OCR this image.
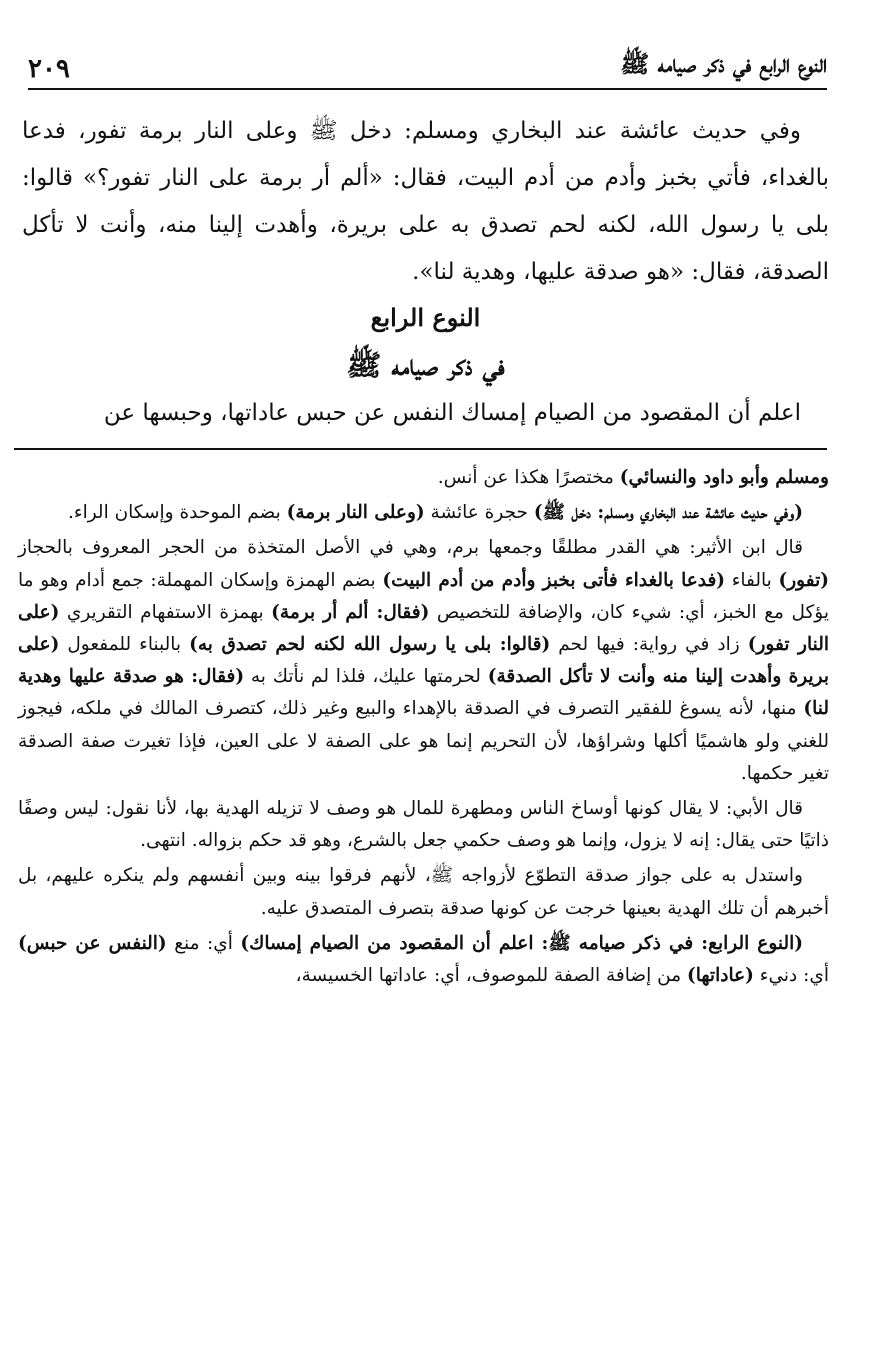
النوع الرابع في ذكر صيامه ﷺ
٢٠٩

وفي حديث عائشة عند البخاري ومسلم: دخل ﷺ وعلى النار برمة تفور، فدعا بالغداء، فأتي بخبز وأدم من أدم البيت، فقال: «ألم أر برمة على النار تفور؟» قالوا: بلى يا رسول الله، لكنه لحم تصدق به على بريرة، وأهدت إلينا منه، وأنت لا تأكل الصدقة، فقال: «هو صدقة عليها، وهدية لنا».

النوع الرابع
في ذكر صيامه ﷺ

اعلم أن المقصود من الصيام إمساك النفس عن حبس عاداتها، وحبسها عن

ومسلم وأبو داود والنسائي) مختصرًا هكذا عن أنس.

(وفي حديث عائشة عند البخاري ومسلم: دخل ﷺ) حجرة عائشة (وعلى النار برمة) بضم الموحدة وإسكان الراء.

قال ابن الأثير: هي القدر مطلقًا وجمعها برم، وهي في الأصل المتخذة من الحجر المعروف بالحجاز (تفور) بالفاء (فدعا بالغداء فأتى بخبز وأدم من أدم البيت) بضم الهمزة وإسكان المهملة: جمع أدام وهو ما يؤكل مع الخبز، أي: شيء كان، والإضافة للتخصيص (فقال: ألم أر برمة) بهمزة الاستفهام التقريري (على النار تفور) زاد في رواية: فيها لحم (قالوا: بلى يا رسول الله لكنه لحم تصدق به) بالبناء للمفعول (على بريرة وأهدت إلينا منه وأنت لا تأكل الصدقة) لحرمتها عليك، فلذا لم نأتك به (فقال: هو صدقة عليها وهدية لنا) منها، لأنه يسوغ للفقير التصرف في الصدقة بالإهداء والبيع وغير ذلك، كتصرف المالك في ملكه، فيجوز للغني ولو هاشميًا أكلها وشراؤها، لأن التحريم إنما هو على الصفة لا على العين، فإذا تغيرت صفة الصدقة تغير حكمها.

قال الأبي: لا يقال كونها أوساخ الناس ومطهرة للمال هو وصف لا تزيله الهدية بها، لأنا نقول: ليس وصفًا ذاتيًا حتى يقال: إنه لا يزول، وإنما هو وصف حكمي جعل بالشرع، وهو قد حكم بزواله. انتهى.

واستدل به على جواز صدقة التطوّع لأزواجه ﷺ، لأنهم فرقوا بينه وبين أنفسهم ولم ينكره عليهم، بل أخبرهم أن تلك الهدية بعينها خرجت عن كونها صدقة بتصرف المتصدق عليه.

(النوع الرابع: في ذكر صيامه ﷺ: اعلم أن المقصود من الصيام إمساك) أي: منع (النفس عن حبس) أي: دنيء (عاداتها) من إضافة الصفة للموصوف، أي: عاداتها الخسيسة،
